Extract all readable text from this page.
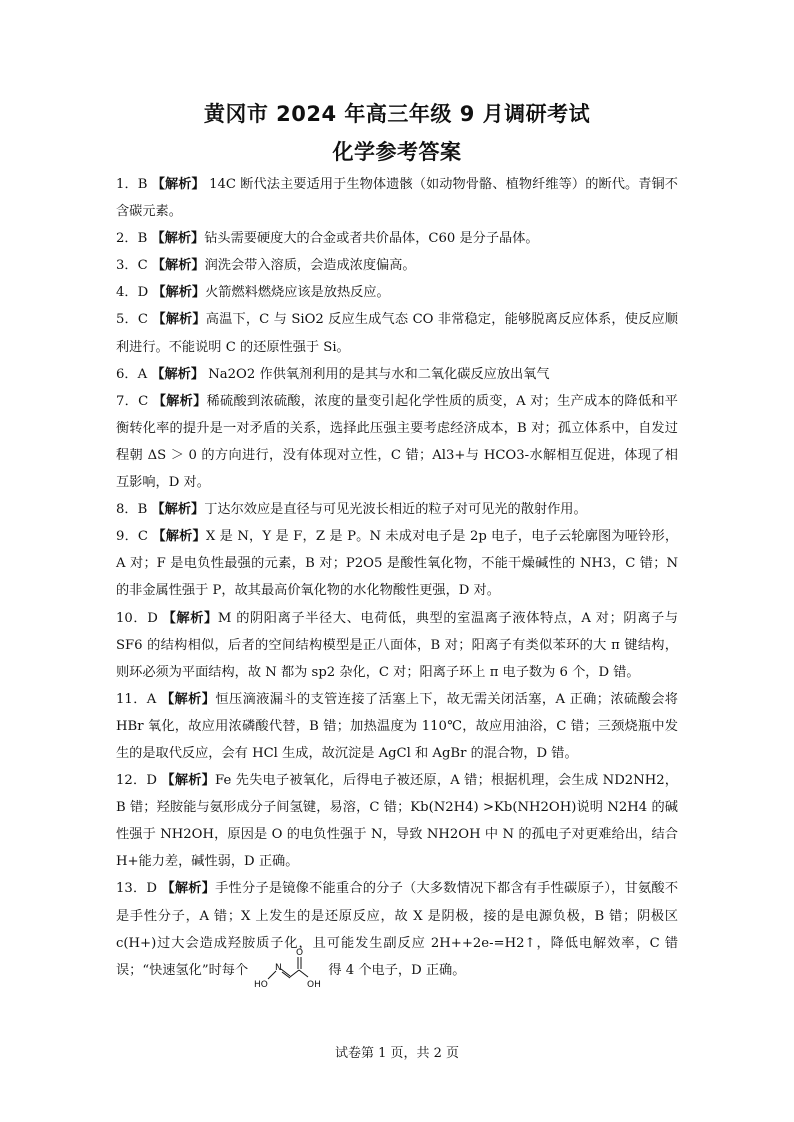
黄冈市 2024 年高三年级 9 月调研考试
化学参考答案

1．B 【解析】 14C 断代法主要适用于生物体遗骸（如动物骨骼、植物纤维等）的断代。青铜不含碳元素。

2．B 【解析】钻头需要硬度大的合金或者共价晶体，C60 是分子晶体。

3．C 【解析】润洗会带入溶质，会造成浓度偏高。

4．D 【解析】火箭燃料燃烧应该是放热反应。

5．C 【解析】高温下，C 与 SiO2 反应生成气态 CO 非常稳定，能够脱离反应体系，使反应顺利进行。不能说明 C 的还原性强于 Si。

6．A 【解析】 Na2O2 作供氧剂利用的是其与水和二氧化碳反应放出氧气

7．C 【解析】稀硫酸到浓硫酸，浓度的量变引起化学性质的质变，A 对；生产成本的降低和平衡转化率的提升是一对矛盾的关系，选择此压强主要考虑经济成本，B 对；孤立体系中，自发过程朝 ΔS ＞ 0 的方向进行，没有体现对立性，C 错；Al3+与 HCO3-水解相互促进，体现了相互影响，D 对。

8．B 【解析】丁达尔效应是直径与可见光波长相近的粒子对可见光的散射作用。

9．C 【解析】X 是 N，Y 是 F，Z 是 P。N 未成对电子是 2p 电子，电子云轮廓图为哑铃形，A 对；F 是电负性最强的元素，B 对；P2O5 是酸性氧化物，不能干燥碱性的 NH3，C 错；N 的非金属性强于 P，故其最高价氧化物的水化物酸性更强，D 对。

10．D 【解析】M 的阴阳离子半径大、电荷低，典型的室温离子液体特点，A 对；阴离子与 SF6 的结构相似，后者的空间结构模型是正八面体，B 对；阳离子有类似苯环的大 π 键结构，则环必须为平面结构，故 N 都为 sp2 杂化，C 对；阳离子环上 π 电子数为 6 个，D 错。

11．A 【解析】恒压滴液漏斗的支管连接了活塞上下，故无需关闭活塞，A 正确；浓硫酸会将 HBr 氧化，故应用浓磷酸代替，B 错；加热温度为 110℃，故应用油浴，C 错；三颈烧瓶中发生的是取代反应，会有 HCl 生成，故沉淀是 AgCl 和 AgBr 的混合物，D 错。

12．D 【解析】Fe 先失电子被氧化，后得电子被还原，A 错；根据机理，会生成 ND2NH2，B 错；羟胺能与氨形成分子间氢键，易溶，C 错；Kb(N2H4) >Kb(NH2OH)说明 N2H4 的碱性强于 NH2OH，原因是 O 的电负性强于 N，导致 NH2OH 中 N 的孤电子对更难给出，结合 H+能力差，碱性弱，D 正确。

13．D 【解析】手性分子是镜像不能重合的分子（大多数情况下都含有手性碳原子），甘氨酸不是手性分子，A 错；X 上发生的是还原反应，故 X 是阴极，接的是电源负极，B 错；阴极区 c(H+)过大会造成羟胺质子化，且可能发生副反应 2H++2e-=H2↑，降低电解效率，C 错误；“快速氢化”时每个
O
N
HO	OH
得 4 个电子，D 正确。

试卷第 1 页，共 2 页
